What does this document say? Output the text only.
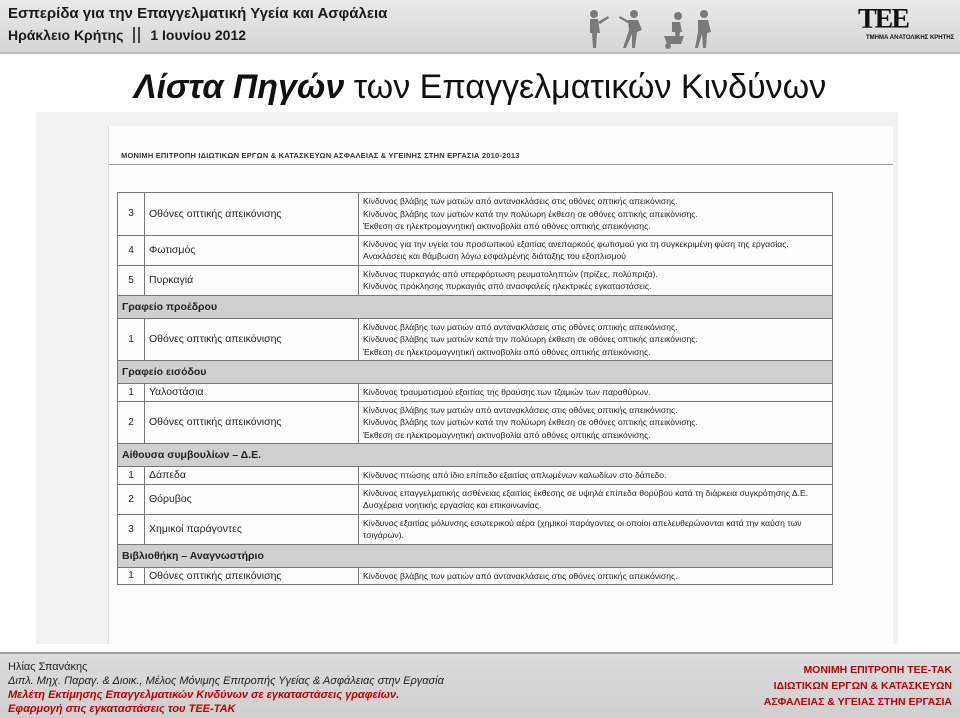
Εσπερίδα για την Επαγγελματική Υγεία και Ασφάλεια
Ηράκλειο Κρήτης 1 Ιουνίου 2012	ΤΕΕ
ΤΜΗΜΑ ΑΝΑΤΟΛΙΚΗΣ ΚΡΗΤΗΣ
Λίστα Πηγών των Επαγγελματικών Κινδύνων
ΜΟΝΙΜΗ ΕΠΙΤΡΟΠΗ ΙΔΙΩΤΙΚΩΝ ΕΡΓΩΝ & ΚΑΤΑΣΚΕΥΩΝ ΑΣΦΑΛΕΙΑΣ & ΥΓΕΙΝΗΣ ΣΤΗΝ ΕΡΓΑΣΙΑ 2010-2013
3	Οθόνες οπτικής απεικόνισης	Κίνδυνος βλάβης των ματιών από αντανακλάσεις στις οθόνες οπτικής απεικόνισης.
Κίνδυνος βλάβης των ματιών κατά την πολύωρη έκθεση σε οθόνες οπτικής απεικόνισης.
Έκθεση σε ηλεκτρομαγνητική ακτινοβολία από οθόνες οπτικής απεικόνισης.

4	Φωτισμός	Κίνδυνος για την υγεία του προσωπικού εξαιτίας ανεπαρκούς φωτισμού για τη συγκεκριμένη φύση της εργασίας.
Ανακλάσεις και θάμβωση λόγω εσφαλμένης διάταξης του εξοπλισμού

5	Πυρκαγιά	Κίνδυνος πυρκαγιάς από υπερφόρτωση ρευματοληπτών (πρίζες, πολύπριζα).
Κίνδυνος πρόκλησης πυρκαγιάς από ανασφαλείς ηλεκτρικές εγκαταστάσεις.

Γραφείο προέδρου		
1	Οθόνες οπτικής απεικόνισης	Κίνδυνος βλάβης των ματιών από αντανακλάσεις στις οθόνες οπτικής απεικόνισης.
Κίνδυνος βλάβης των ματιών κατά την πολύωρη έκθεση σε οθόνες οπτικής απεικόνισης.
Έκθεση σε ηλεκτρομαγνητική ακτινοβολία από οθόνες οπτικής απεικόνισης.

Γραφείο εισόδου		
1	Υαλοστάσια	Κίνδυνος τραυματισμού εξαιτίας της θραύσης των τζαμιών των παραθύρων.

2	Οθόνες οπτικής απεικόνισης	Κίνδυνος βλάβης των ματιών από αντανακλάσεις στις οθόνες οπτικής απεικόνισης.
Κίνδυνος βλάβης των ματιών κατά την πολύωρη έκθεση σε οθόνες οπτικής απεικόνισης.
Έκθεση σε ηλεκτρομαγνητική ακτινοβολία από οθόνες οπτικής απεικόνισης.

Αίθουσα συμβουλίων – Δ.Ε.		
1	Δάπεδα	Κίνδυνος πτώσης από ίδιο επίπεδο εξαιτίας απλωμένων καλωδίων στο δάπεδο.

2	Θόρυβος	Κίνδυνος επαγγελματικής ασθένειας εξαιτίας έκθεσης σε υψηλά επίπεδα θορύβου κατά τη διάρκεια συγκρότησης Δ.Ε.
Δυσχέρεια νοητικής εργασίας και επικοινωνίας.

3	Χημικοί παράγοντες	Κίνδυνος εξαιτίας μόλυνσης εσωτερικού αέρα (χημικοί παράγοντες οι οποίοι απελευθερώνονται κατά την καύση των τσιγάρων).

Βιβλιοθήκη – Αναγνωστήριο		
1	Οθόνες οπτικής απεικόνισης	Κίνδυνος βλάβης των ματιών από αντανακλάσεις στις οθόνες οπτικής απεικόνισης.
Ηλίας Σπανάκης
Διπλ. Μηχ. Παραγ. & Διοικ., Μέλος Μόνιμης Επιτροπής Υγείας & Ασφάλειας στην Εργασία
Μελέτη Εκτίμησης Επαγγελματικών Κινδύνων σε εγκαταστάσεις γραφείων.
Εφαρμογή στις εγκαταστάσεις του ΤΕΕ-ΤΑΚ
ΜΟΝΙΜΗ ΕΠΙΤΡΟΠΗ ΤΕΕ-ΤΑΚ
ΙΔΙΩΤΙΚΩΝ ΕΡΓΩΝ & ΚΑΤΑΣΚΕΥΩΝ
ΑΣΦΑΛΕΙΑΣ & ΥΓΕΙΑΣ ΣΤΗΝ ΕΡΓΑΣΙΑ
